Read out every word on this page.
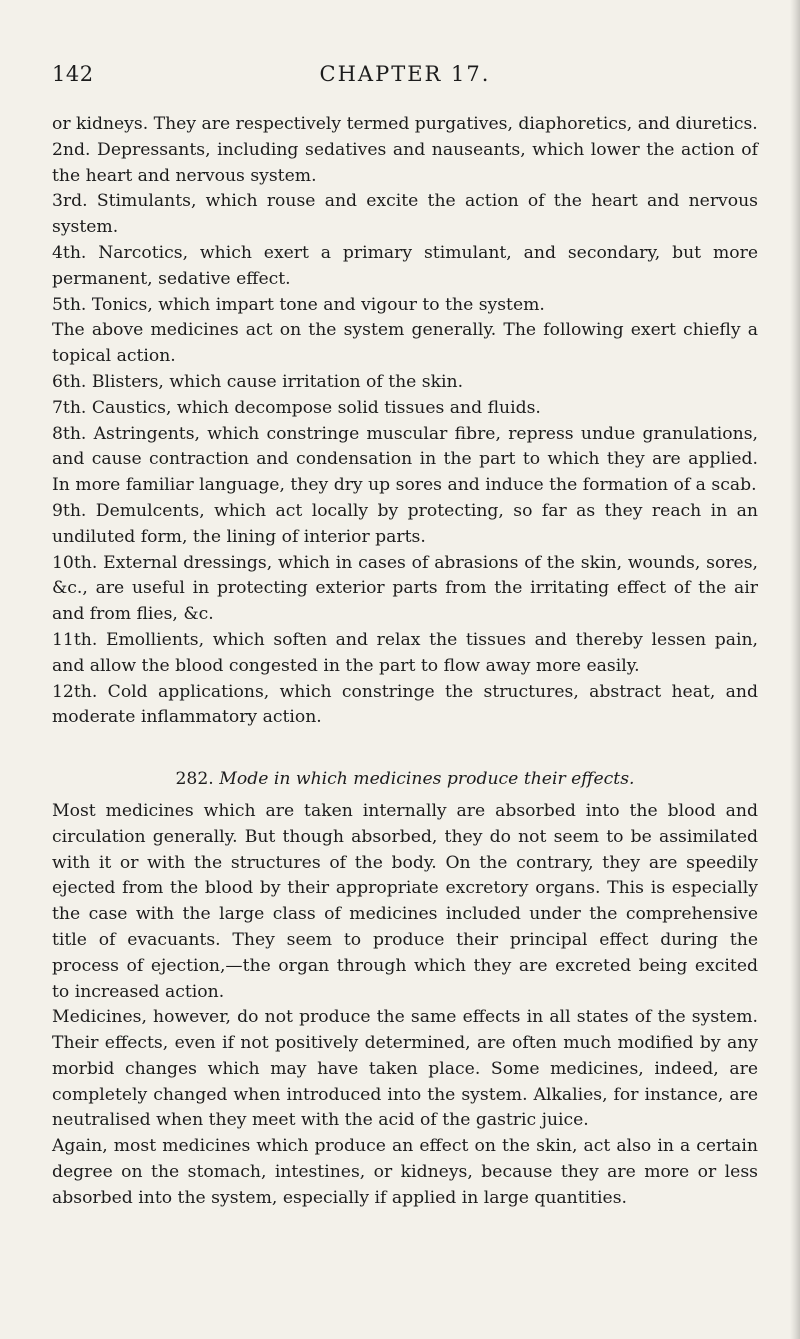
142	CHAPTER 17.

or kidneys. They are respectively termed purgatives, diaphoretics, and diuretics.

2nd. Depressants, including sedatives and nauseants, which lower the action of the heart and nervous system.

3rd. Stimulants, which rouse and excite the action of the heart and nervous system.

4th. Narcotics, which exert a primary stimulant, and secondary, but more permanent, sedative effect.

5th. Tonics, which impart tone and vigour to the system.

The above medicines act on the system generally. The following exert chiefly a topical action.

6th. Blisters, which cause irritation of the skin.

7th. Caustics, which decompose solid tissues and fluids.

8th. Astringents, which constringe muscular fibre, repress undue granulations, and cause contraction and condensation in the part to which they are applied. In more familiar language, they dry up sores and induce the formation of a scab.

9th. Demulcents, which act locally by protecting, so far as they reach in an undiluted form, the lining of interior parts.

10th. External dressings, which in cases of abrasions of the skin, wounds, sores, &c., are useful in protecting exterior parts from the irritating effect of the air and from flies, &c.

11th. Emollients, which soften and relax the tissues and thereby lessen pain, and allow the blood congested in the part to flow away more easily.

12th. Cold applications, which constringe the structures, abstract heat, and moderate inflammatory action.

282. Mode in which medicines produce their effects.

Most medicines which are taken internally are absorbed into the blood and circulation generally. But though absorbed, they do not seem to be assimilated with it or with the structures of the body. On the contrary, they are speedily ejected from the blood by their appropriate excretory organs. This is especially the case with the large class of medicines included under the comprehensive title of evacuants. They seem to produce their principal effect during the process of ejection,—the organ through which they are excreted being excited to increased action.

Medicines, however, do not produce the same effects in all states of the system. Their effects, even if not positively determined, are often much modified by any morbid changes which may have taken place. Some medicines, indeed, are completely changed when introduced into the system. Alkalies, for instance, are neutralised when they meet with the acid of the gastric juice.

Again, most medicines which produce an effect on the skin, act also in a certain degree on the stomach, intestines, or kidneys, because they are more or less absorbed into the system, especially if applied in large quantities.
